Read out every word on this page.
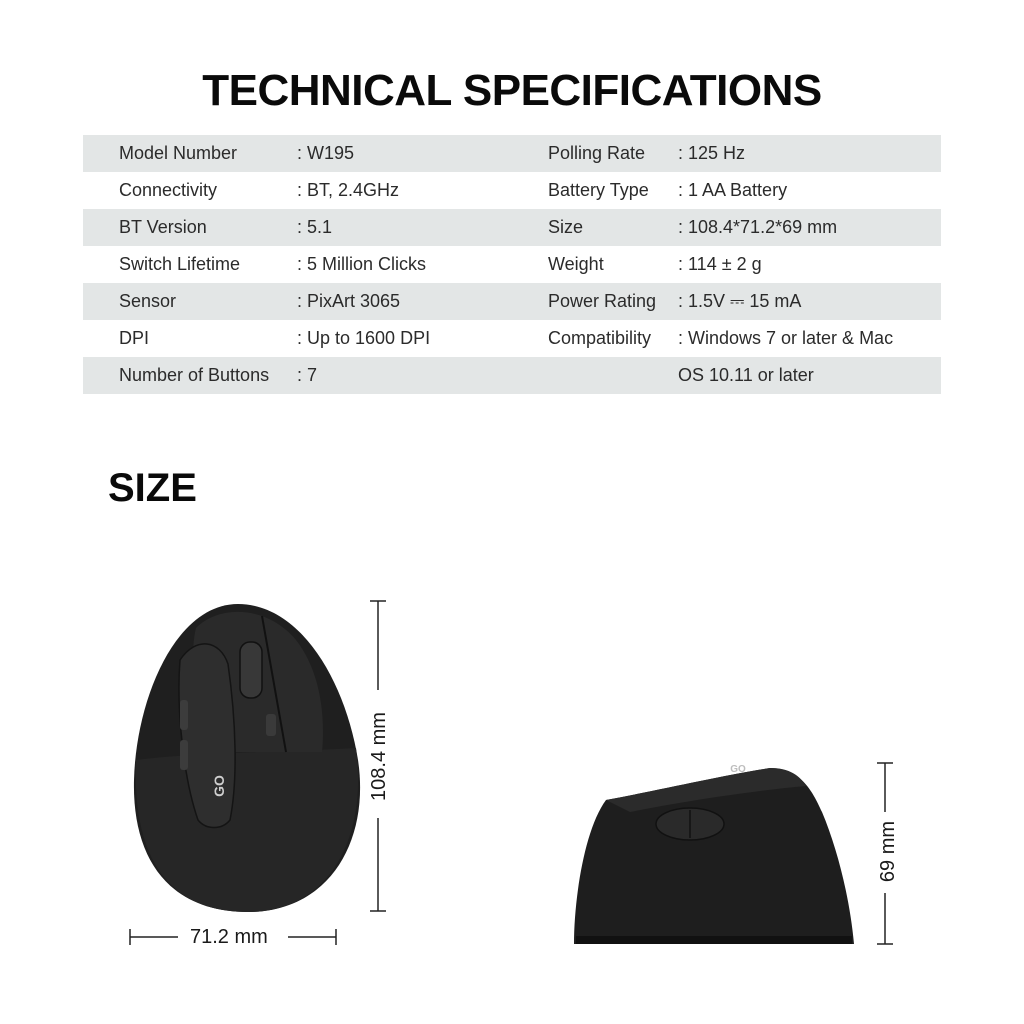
TECHNICAL SPECIFICATIONS
Model Number	: W195	Polling Rate : 125 Hz
Connectivity	: BT, 2.4GHz	Battery Type : 1 AA Battery
BT Version	: 5.1	Size	: 108.4*71.2*69 mm
Switch Lifetime	: 5 Million Clicks	Weight	: 114 ± 2 g
Sensor	: PixArt 3065	Power Rating : 1.5V ⎓ 15 mA
DPI	: Up to 1600 DPI	Compatibility : Windows 7 or later & Mac
Number of Buttons : 7	OS 10.11 or later
SIZE
GO
GO
108.4 mm
71.2 mm
69 mm
